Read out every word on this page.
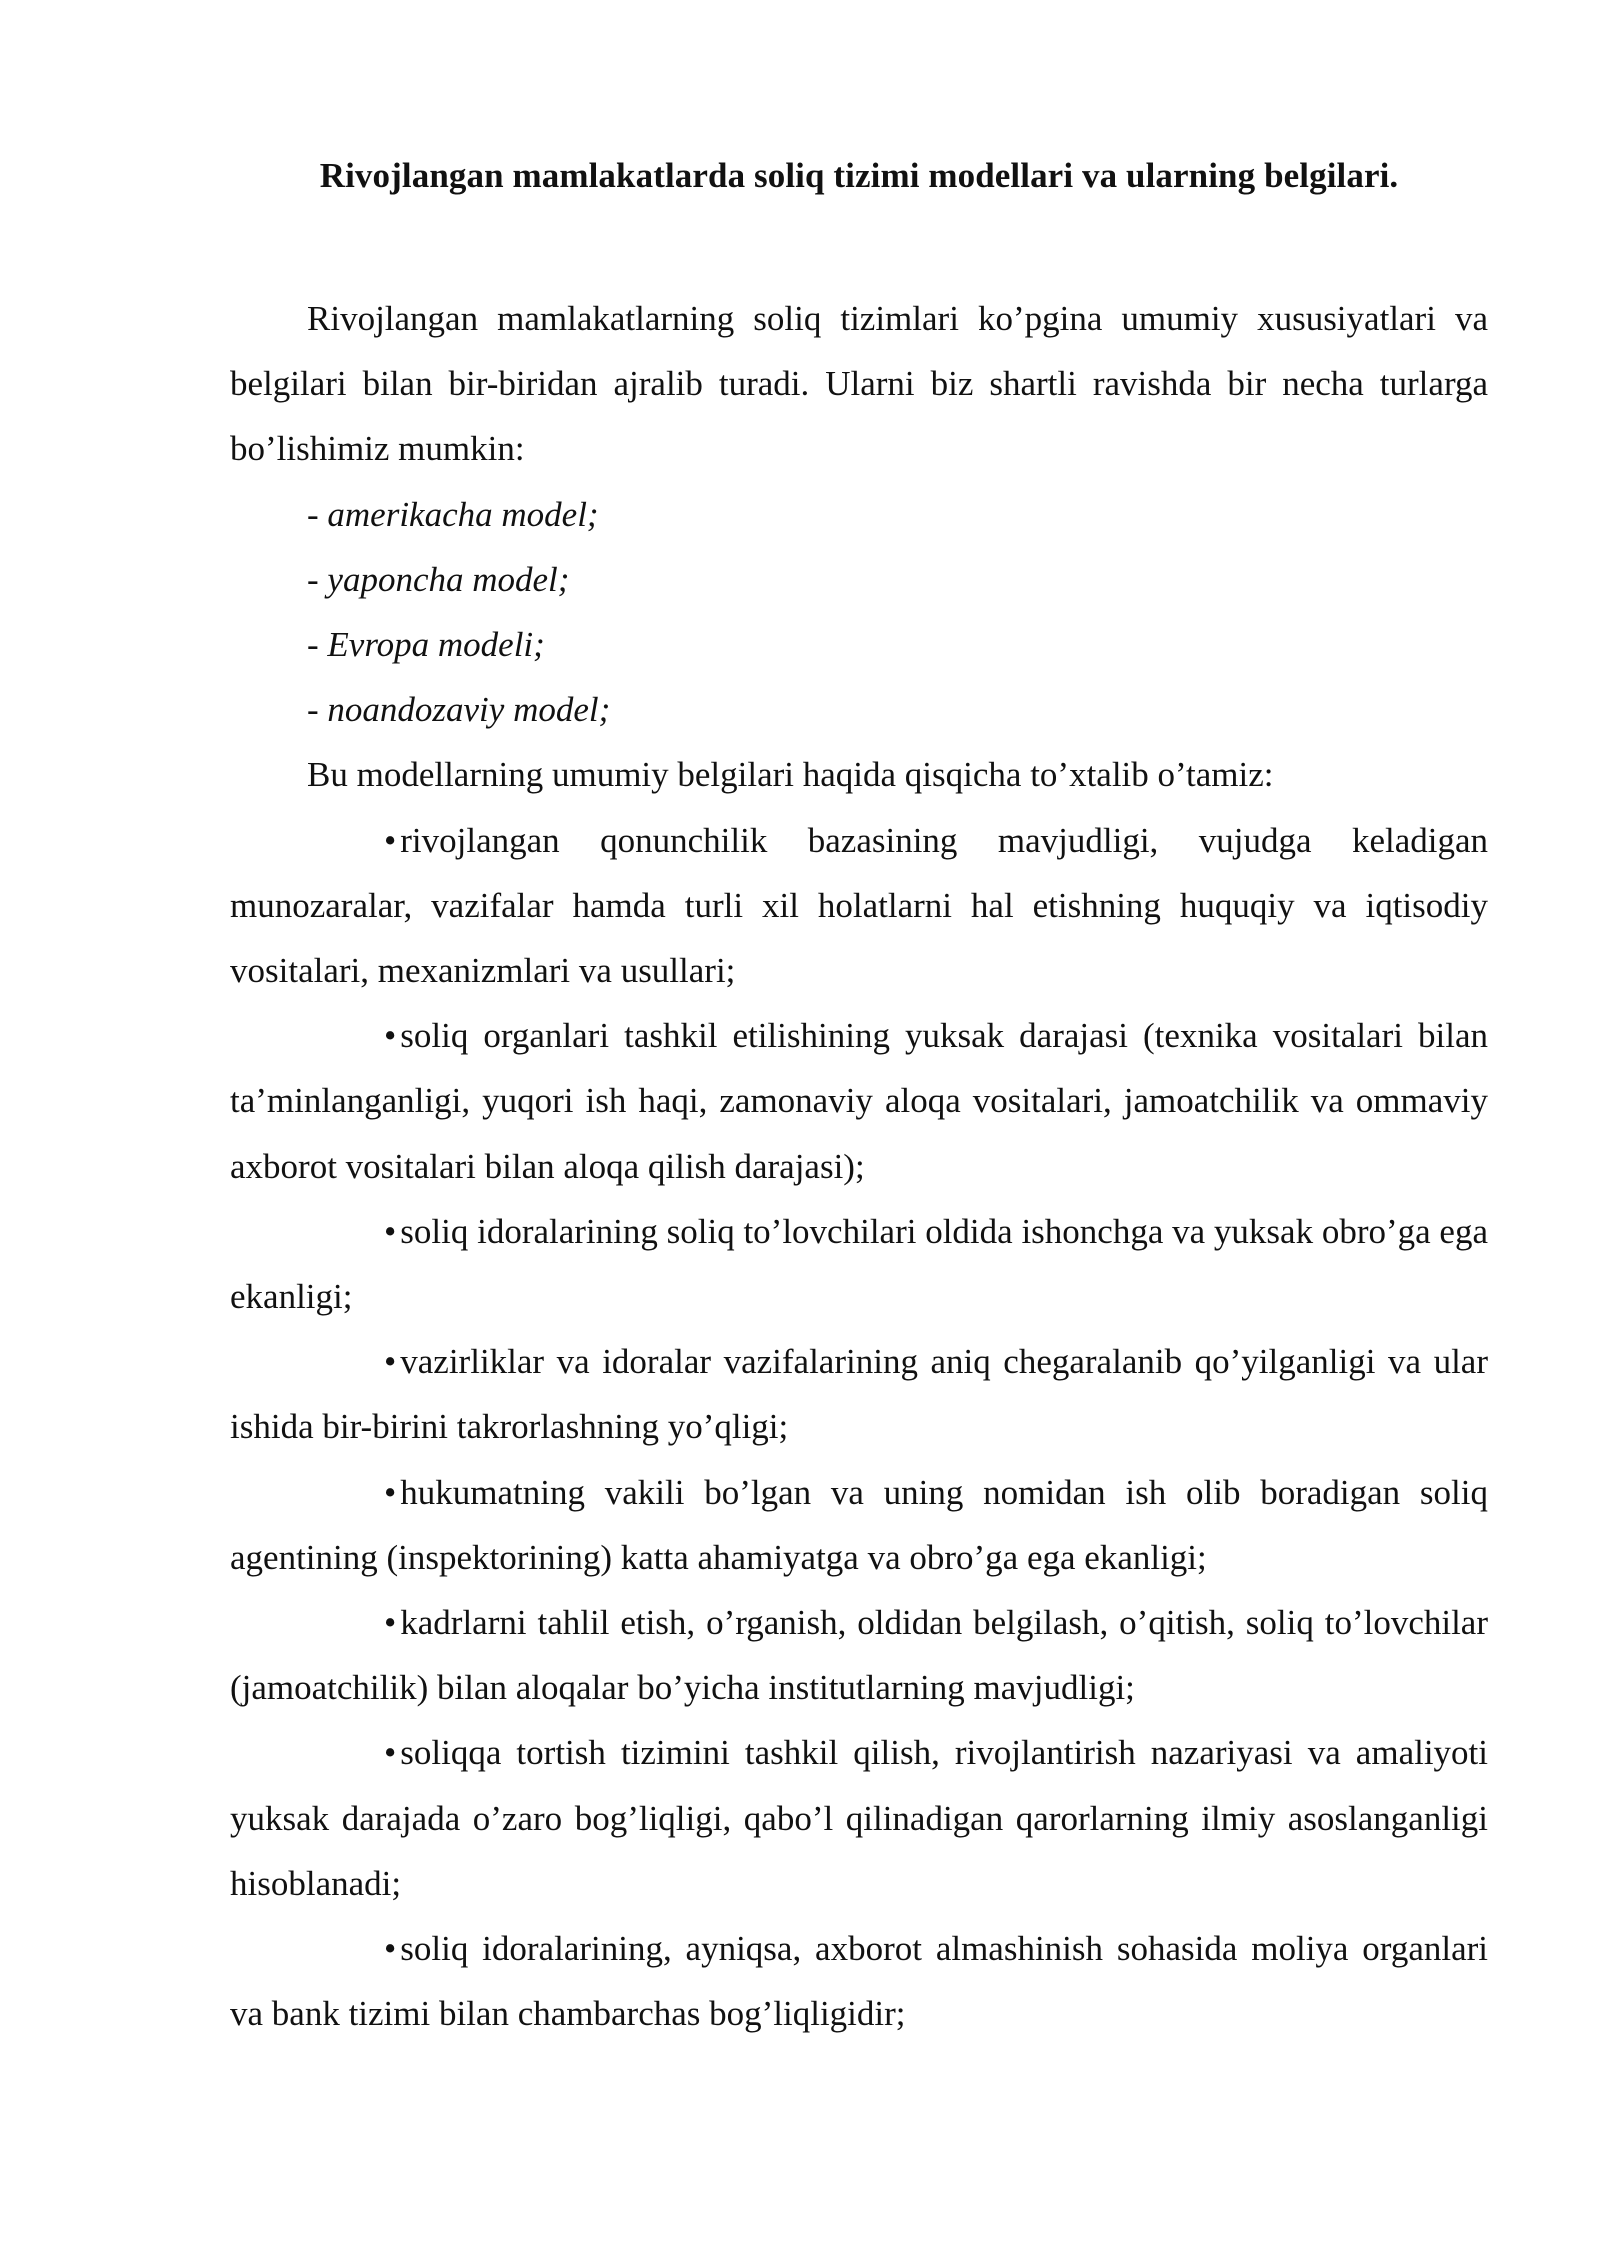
Rivojlangan mamlakatlarda soliq tizimi modellari va ularning belgilari.

Rivojlangan mamlakatlarning soliq tizimlari ko’pgina umumiy xususiyatlari va belgilari bilan bir-biridan ajralib turadi. Ularni biz shartli ravishda bir necha turlarga bo’lishimiz mumkin:

- amerikacha model;
- yaponcha model;
- Evropa modeli;
- noandozaviy model;

Bu modellarning umumiy belgilari haqida qisqicha to’xtalib o’tamiz:

• rivojlangan qonunchilik bazasining mavjudligi, vujudga keladigan munozaralar, vazifalar hamda turli xil holatlarni hal etishning huquqiy va iqtisodiy vositalari, mexanizmlari va usullari;

• soliq organlari tashkil etilishining yuksak darajasi (texnika vositalari bilan ta’minlanganligi, yuqori ish haqi, zamonaviy aloqa vositalari, jamoatchilik va ommaviy axborot vositalari bilan aloqa qilish darajasi);

• soliq idoralarining soliq to’lovchilari oldida ishonchga va yuksak obro’ga ega ekanligi;

• vazirliklar va idoralar vazifalarining aniq chegaralanib qo’yilganligi va ular ishida bir-birini takrorlashning yo’qligi;

• hukumatning vakili bo’lgan va uning nomidan ish olib boradigan soliq agentining (inspektorining) katta ahamiyatga va obro’ga ega ekanligi;

• kadrlarni tahlil etish, o’rganish, oldidan belgilash, o’qitish, soliq to’lovchilar (jamoatchilik) bilan aloqalar bo’yicha institutlarning mavjudligi;

• soliqqa tortish tizimini tashkil qilish, rivojlantirish nazariyasi va amaliyoti yuksak darajada o’zaro bog’liqligi, qabo’l qilinadigan qarorlarning ilmiy asoslanganligi hisoblanadi;

• soliq idoralarining, ayniqsa, axborot almashinish sohasida moliya organlari va bank tizimi bilan chambarchas bog’liqligidir;
